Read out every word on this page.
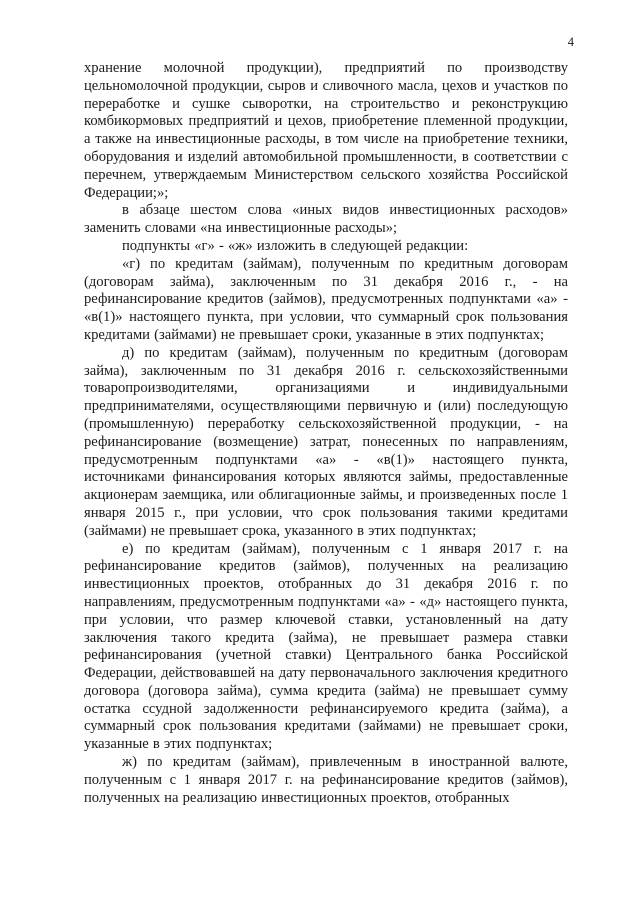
4

хранение молочной продукции), предприятий по производству цельномолочной продукции, сыров и сливочного масла, цехов и участков по переработке и сушке сыворотки, на строительство и реконструкцию комбикормовых предприятий и цехов, приобретение племенной продукции, а также на инвестиционные расходы, в том числе на приобретение техники, оборудования и изделий автомобильной промышленности, в соответствии с перечнем, утверждаемым Министерством сельского хозяйства Российской Федерации;»;

в абзаце шестом слова «иных видов инвестиционных расходов» заменить словами «на инвестиционные расходы»;

подпункты «г» - «ж» изложить в следующей редакции:

«г) по кредитам (займам), полученным по кредитным договорам (договорам займа), заключенным по 31 декабря 2016 г., - на рефинансирование кредитов (займов), предусмотренных подпунктами «а» - «в(1)» настоящего пункта, при условии, что суммарный срок пользования кредитами (займами) не превышает сроки, указанные в этих подпунктах;

д) по кредитам (займам), полученным по кредитным (договорам займа), заключенным по 31 декабря 2016 г. сельскохозяйственными товаропроизводителями, организациями и индивидуальными предпринимателями, осуществляющими первичную и (или) последующую (промышленную) переработку сельскохозяйственной продукции, - на рефинансирование (возмещение) затрат, понесенных по направлениям, предусмотренным подпунктами «а» - «в(1)» настоящего пункта, источниками финансирования которых являются займы, предоставленные акционерам заемщика, или облигационные займы, и произведенных после 1 января 2015 г., при условии, что срок пользования такими кредитами (займами) не превышает срока, указанного в этих подпунктах;

е) по кредитам (займам), полученным с 1 января 2017 г. на рефинансирование кредитов (займов), полученных на реализацию инвестиционных проектов, отобранных до 31 декабря 2016 г. по направлениям, предусмотренным подпунктами «а» - «д» настоящего пункта, при условии, что размер ключевой ставки, установленный на дату заключения такого кредита (займа), не превышает размера ставки рефинансирования (учетной ставки) Центрального банка Российской Федерации, действовавшей на дату первоначального заключения кредитного договора (договора займа), сумма кредита (займа) не превышает сумму остатка ссудной задолженности рефинансируемого кредита (займа), а суммарный срок пользования кредитами (займами) не превышает сроки, указанные в этих подпунктах;

ж) по кредитам (займам), привлеченным в иностранной валюте, полученным с 1 января 2017 г. на рефинансирование кредитов (займов), полученных на реализацию инвестиционных проектов, отобранных
